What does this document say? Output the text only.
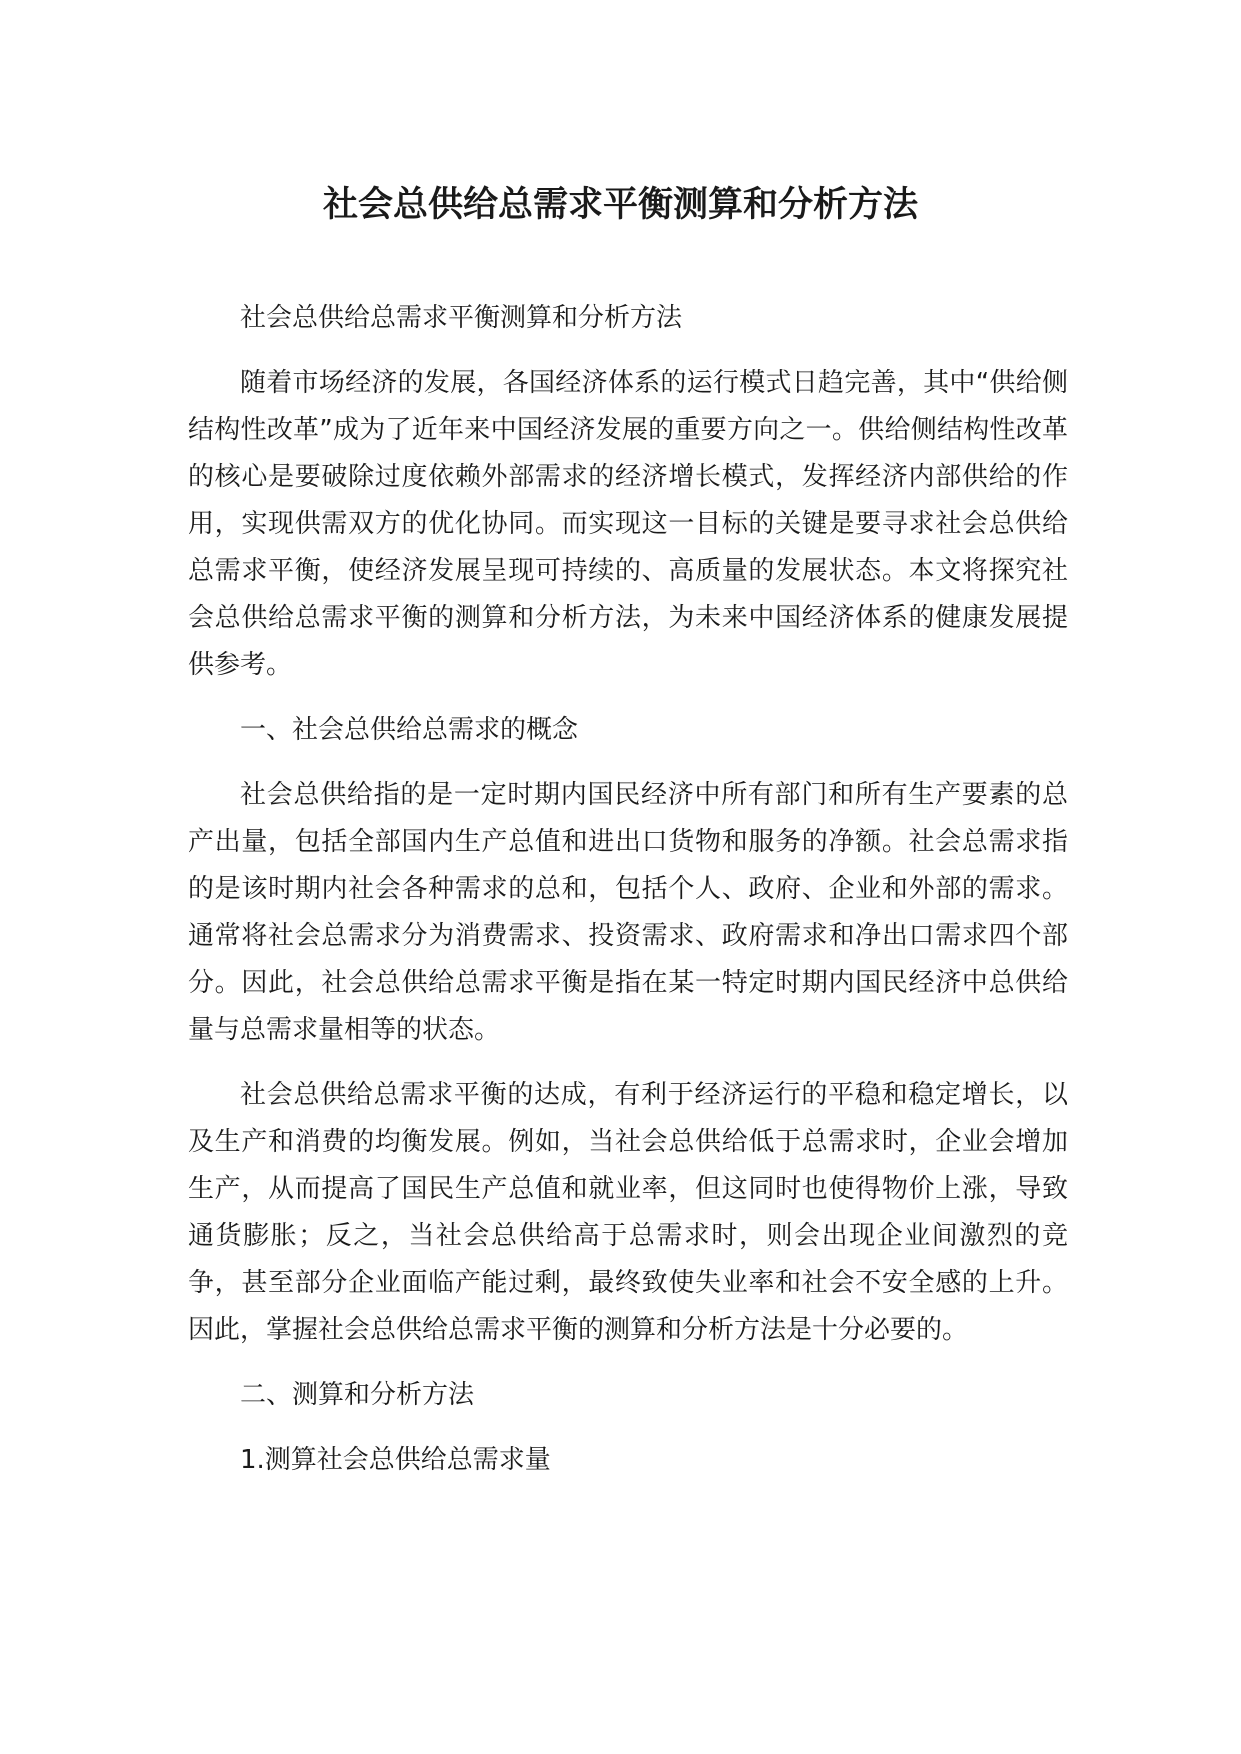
社会总供给总需求平衡测算和分析方法

社会总供给总需求平衡测算和分析方法

随着市场经济的发展，各国经济体系的运行模式日趋完善，其中“供给侧结构性改革”成为了近年来中国经济发展的重要方向之一。供给侧结构性改革的核心是要破除过度依赖外部需求的经济增长模式，发挥经济内部供给的作用，实现供需双方的优化协同。而实现这一目标的关键是要寻求社会总供给总需求平衡，使经济发展呈现可持续的、高质量的发展状态。本文将探究社会总供给总需求平衡的测算和分析方法，为未来中国经济体系的健康发展提供参考。

一、社会总供给总需求的概念

社会总供给指的是一定时期内国民经济中所有部门和所有生产要素的总产出量，包括全部国内生产总值和进出口货物和服务的净额。社会总需求指的是该时期内社会各种需求的总和，包括个人、政府、企业和外部的需求。通常将社会总需求分为消费需求、投资需求、政府需求和净出口需求四个部分。因此，社会总供给总需求平衡是指在某一特定时期内国民经济中总供给量与总需求量相等的状态。

社会总供给总需求平衡的达成，有利于经济运行的平稳和稳定增长，以及生产和消费的均衡发展。例如，当社会总供给低于总需求时，企业会增加生产，从而提高了国民生产总值和就业率，但这同时也使得物价上涨，导致通货膨胀；反之，当社会总供给高于总需求时，则会出现企业间激烈的竞争，甚至部分企业面临产能过剩，最终致使失业率和社会不安全感的上升。因此，掌握社会总供给总需求平衡的测算和分析方法是十分必要的。

二、测算和分析方法

1.测算社会总供给总需求量
